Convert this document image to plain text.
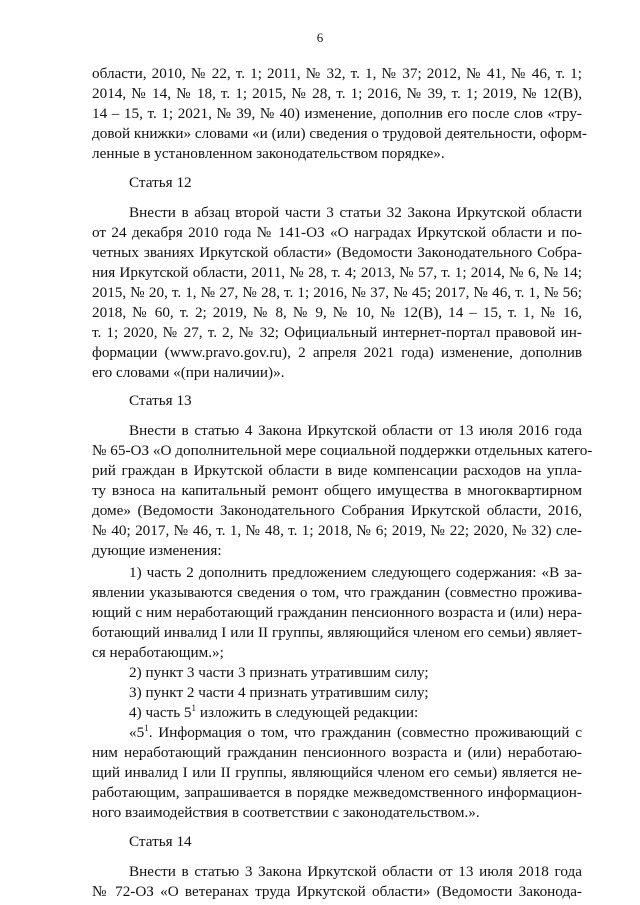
6
области, 2010, № 22, т. 1; 2011, № 32, т. 1, № 37; 2012, № 41, № 46, т. 1;
2014, № 14, № 18, т. 1; 2015, № 28, т. 1; 2016, № 39, т. 1; 2019, № 12(В),
14 – 15, т. 1; 2021, № 39, № 40) изменение, дополнив его после слов «тру-
довой книжки» словами «и (или) сведения о трудовой деятельности, оформ-
ленные в установленном законодательством порядке».
Статья 12
Внести в абзац второй части 3 статьи 32 Закона Иркутской области
от 24 декабря 2010 года № 141-ОЗ «О наградах Иркутской области и по-
четных званиях Иркутской области» (Ведомости Законодательного Собра-
ния Иркутской области, 2011, № 28, т. 4; 2013, № 57, т. 1; 2014, № 6, № 14;
2015, № 20, т. 1, № 27, № 28, т. 1; 2016, № 37, № 45; 2017, № 46, т. 1, № 56;
2018, № 60, т. 2; 2019, № 8, № 9, № 10, № 12(В), 14 – 15, т. 1, № 16,
т. 1; 2020, № 27, т. 2, № 32; Официальный интернет-портал правовой ин-
формации (www.pravo.gov.ru), 2 апреля 2021 года) изменение, дополнив
его словами «(при наличии)».
Статья 13
Внести в статью 4 Закона Иркутской области от 13 июля 2016 года
№ 65-ОЗ «О дополнительной мере социальной поддержки отдельных катего-
рий граждан в Иркутской области в виде компенсации расходов на упла-
ту взноса на капитальный ремонт общего имущества в многоквартирном
доме» (Ведомости Законодательного Собрания Иркутской области, 2016,
№ 40; 2017, № 46, т. 1, № 48, т. 1; 2018, № 6; 2019, № 22; 2020, № 32) сле-
дующие изменения:
1) часть 2 дополнить предложением следующего содержания: «В за-
явлении указываются сведения о том, что гражданин (совместно прожива-
ющий с ним неработающий гражданин пенсионного возраста и (или) нера-
ботающий инвалид I или II группы, являющийся членом его семьи) являет-
ся неработающим.»;
2) пункт 3 части 3 признать утратившим силу;
3) пункт 2 части 4 признать утратившим силу;
4) часть $5^1$ изложить в следующей редакции:
«$5^1$. Информация о том, что гражданин (совместно проживающий с
ним неработающий гражданин пенсионного возраста и (или) неработаю-
щий инвалид I или II группы, являющийся членом его семьи) является не-
работающим, запрашивается в порядке межведомственного информацион-
ного взаимодействия в соответствии с законодательством.».
Статья 14
Внести в статью 3 Закона Иркутской области от 13 июля 2018 года
№ 72-ОЗ «О ветеранах труда Иркутской области» (Ведомости Законода-
